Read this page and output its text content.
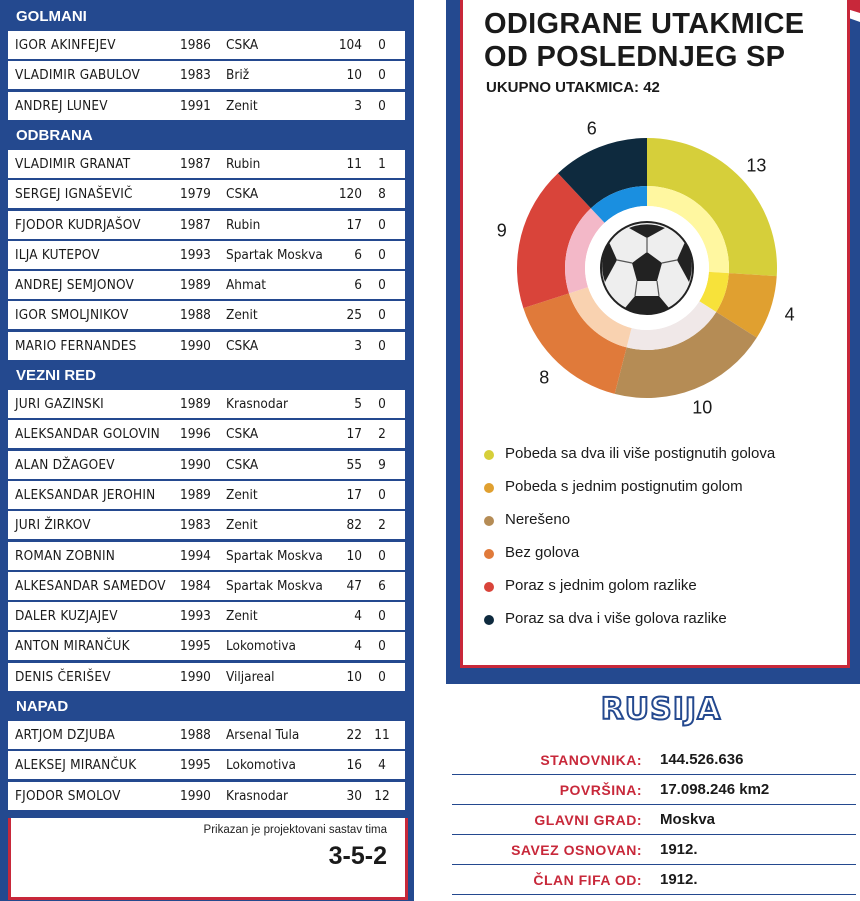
GOLMANI
IGOR AKINFEJEV	1986 CSKA	104	0
VLADIMIR GABULOV	1983 Briž	10	0
ANDREJ LUNEV	1991 Zenit	3	0
ODBRANA
VLADIMIR GRANAT	1987 Rubin	11	1
SERGEJ IGNAŠEVIČ	1979 CSKA	120	8
FJODOR KUDRJAŠOV	1987 Rubin	17	0
ILJA KUTEPOV	1993 Spartak Moskva	6	0
ANDREJ SEMJONOV	1989 Ahmat	6	0
IGOR SMOLJNIKOV	1988 Zenit	25	0
MARIO FERNANDES	1990 CSKA	3	0
VEZNI RED
JURI GAZINSKI	1989 Krasnodar	5	0
ALEKSANDAR GOLOVIN 1996 CSKA	17	2
ALAN DŽAGOEV	1990 CSKA	55	9
ALEKSANDAR JEROHIN 1989 Zenit	17	0
JURI ŽIRKOV	1983 Zenit	82	2
ROMAN ZOBNIN	1994 Spartak Moskva	10	0
ALKESANDAR SAMEDOV 1984 Spartak Moskva	47	6
DALER KUZJAJEV	1993 Zenit	4	0
ANTON MIRANČUK	1995 Lokomotiva	4	0
DENIS ČERIŠEV	1990 Viljareal	10	0
NAPAD
ARTJOM DZJUBA	1988 Arsenal Tula	22 11
ALEKSEJ MIRANČUK	1995 Lokomotiva	16	4
FJODOR SMOLOV	1990 Krasnodar	30 12
Prikazan je projektovani sastav tima
3-5-2
ODIGRANE UTAKMICE
OD POSLEDNJEG SP
UKUPNO UTAKMICA: 42
13
4
10
8
9
6
Pobeda sa dva ili više postignutih golova
Pobeda s jednim postignutim golom
Nerešeno
Bez golova
Poraz s jednim golom razlike
Poraz sa dva i više golova razlike
RUSIJA
STANOVNIKA: 144.526.636
POVRŠINA: 17.098.246 km2
GLAVNI GRAD: Moskva
SAVEZ OSNOVAN: 1912.
ČLAN FIFA OD: 1912.
